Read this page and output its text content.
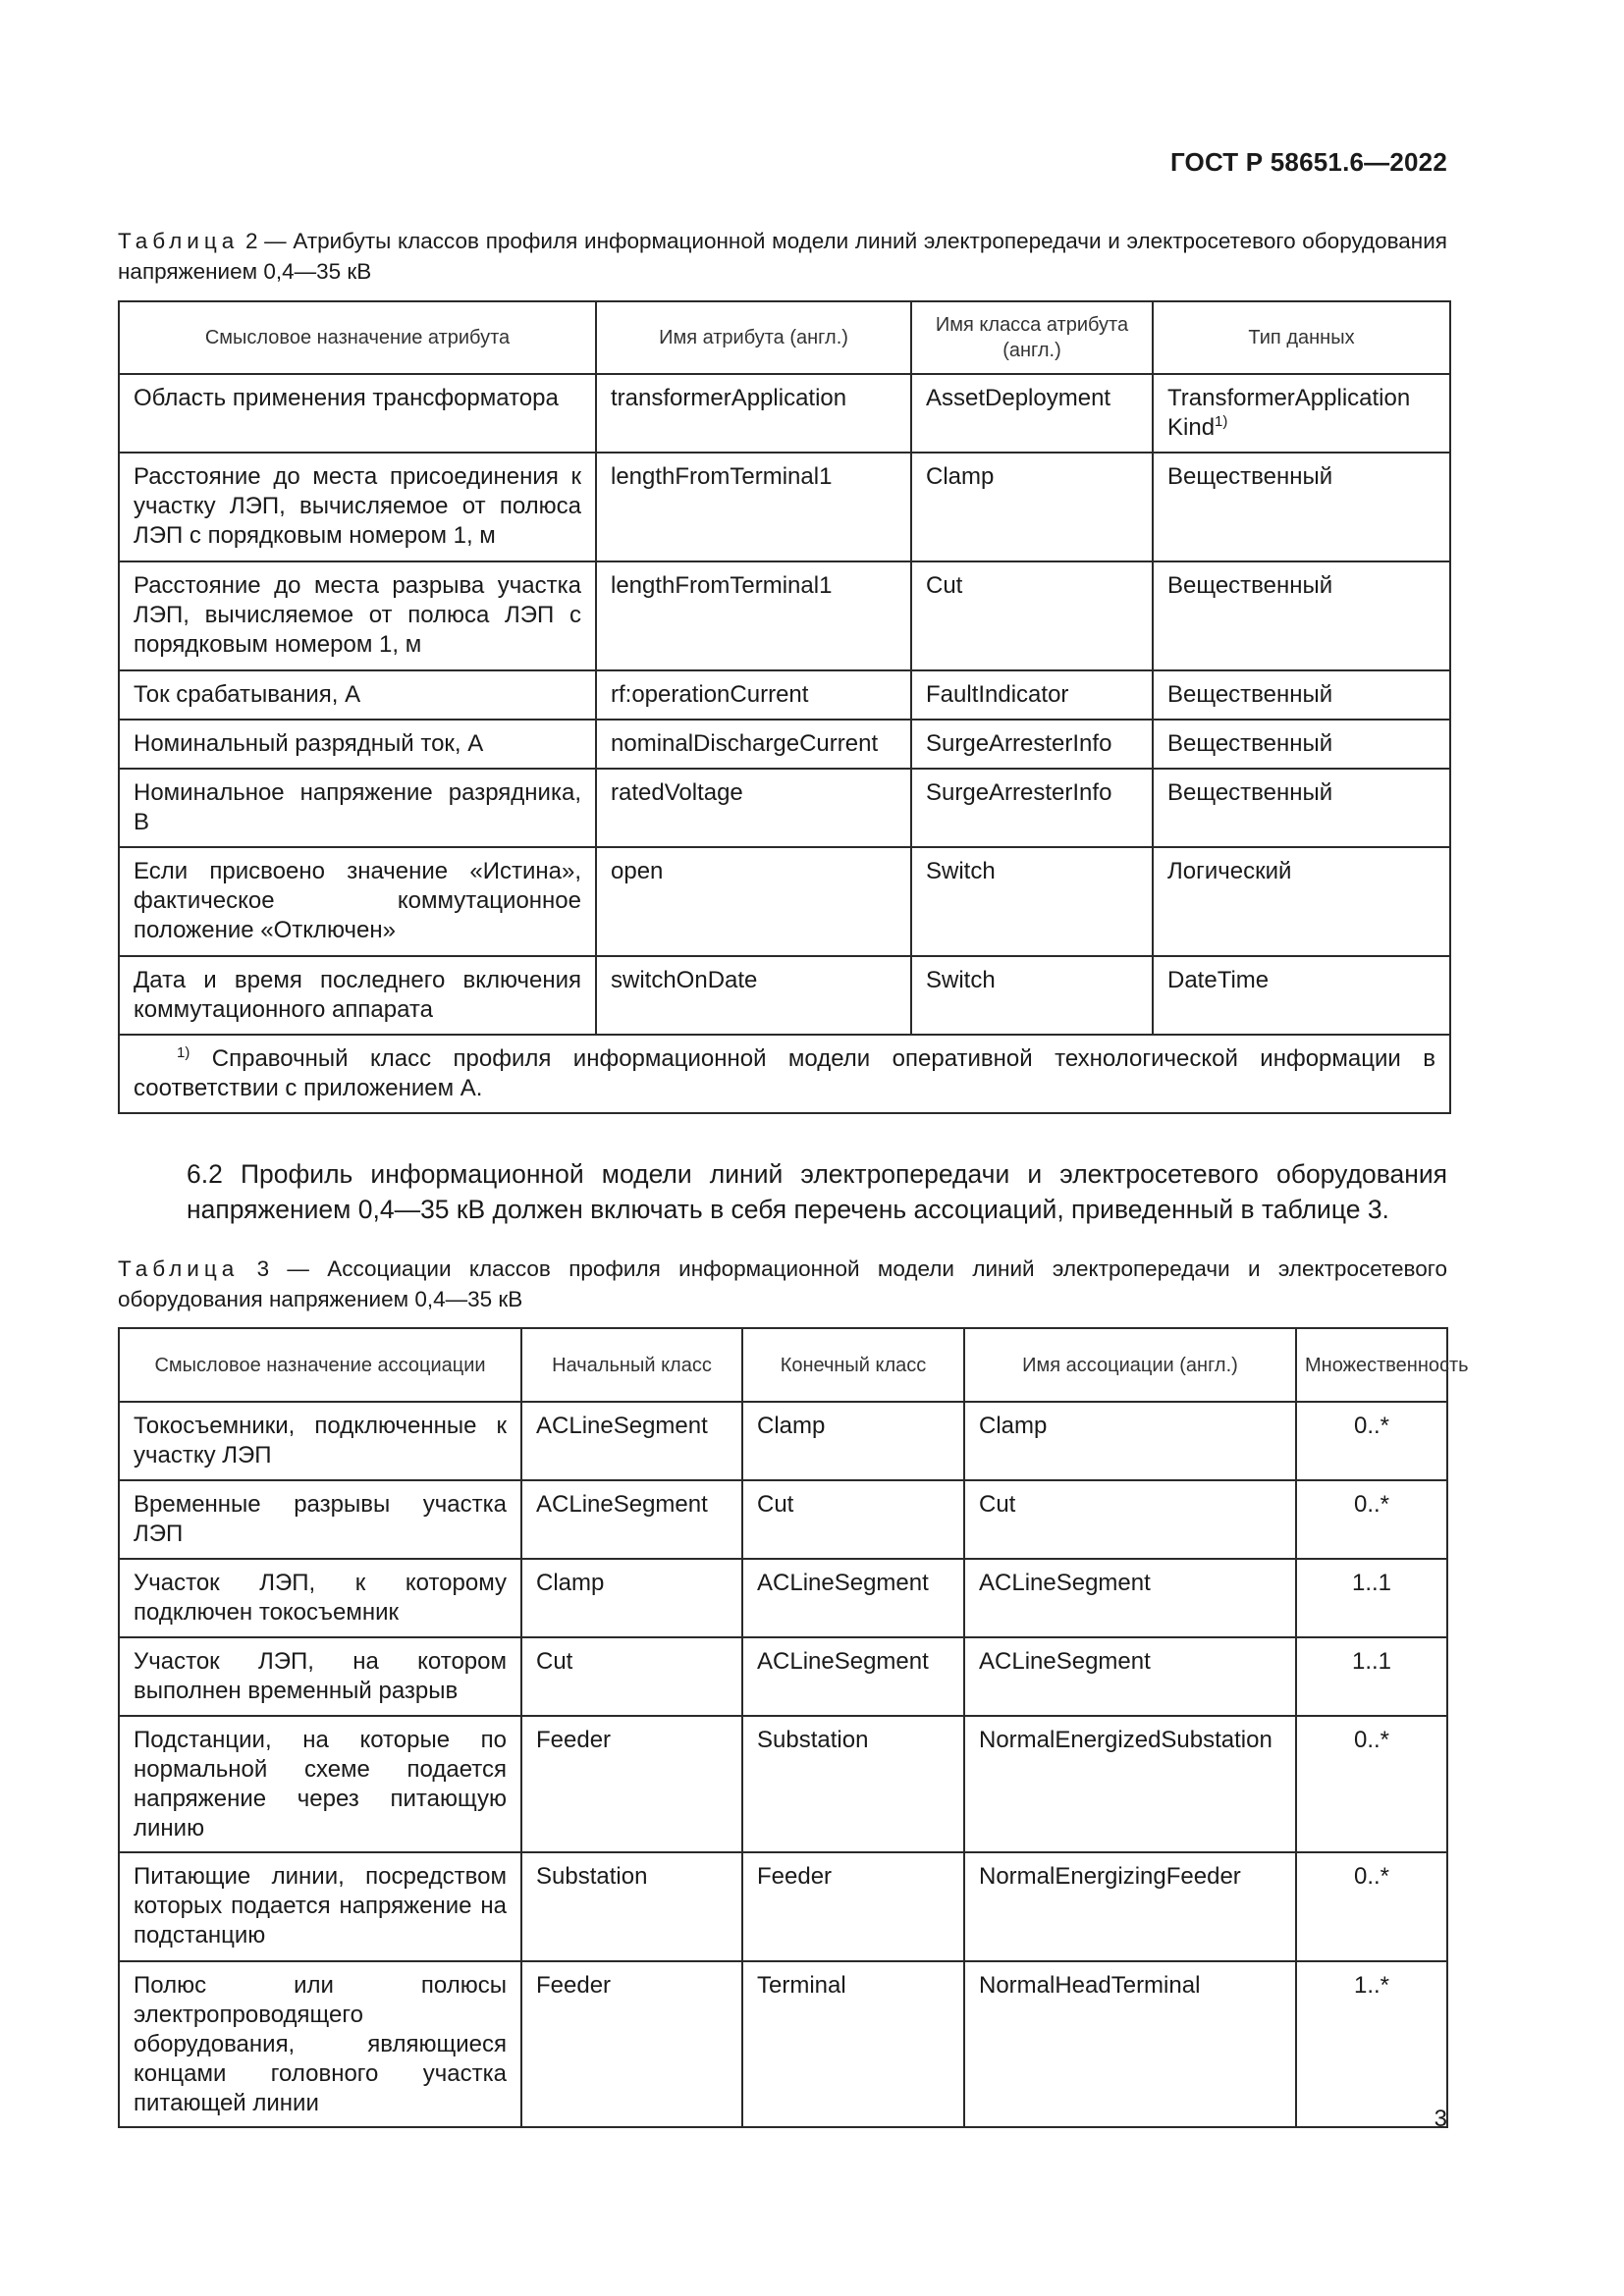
ГОСТ Р 58651.6—2022
Таблица 2 — Атрибуты классов профиля информационной модели линий электропередачи и электросетевого оборудования напряжением 0,4—35 кВ
Смысловое назначение атрибута	Имя атрибута (англ.)	Имя класса атрибута (англ.)	Тип данных
Область применения трансформатора	transformerApplication	AssetDeployment	TransformerApplication Kind$^{1)}$
Расстояние до места присоединения к участку ЛЭП, вычисляемое от полюса ЛЭП с порядковым номером 1, м	lengthFromTerminal1	Clamp	Вещественный
Расстояние до места разрыва участка ЛЭП, вычисляемое от полюса ЛЭП с порядковым номером 1, м	lengthFromTerminal1	Cut	Вещественный
Ток срабатывания, А	rf:operationCurrent	FaultIndicator	Вещественный
Номинальный разрядный ток, А	nominalDischargeCurrent	SurgeArresterInfo	Вещественный
Номинальное напряжение разрядника, В	ratedVoltage	SurgeArresterInfo	Вещественный
Если присвоено значение «Истина», фактическое коммутационное положение «Отключен»	open	Switch	Логический
Дата и время последнего включения коммутационного аппарата	switchOnDate	Switch	DateTime
$^{1)}$ Справочный класс профиля информационной модели оперативной технологической информации в соответствии с приложением А.			
6.2 Профиль информационной модели линий электропередачи и электросетевого оборудования напряжением 0,4—35 кВ должен включать в себя перечень ассоциаций, приведенный в таблице 3.
Таблица 3 — Ассоциации классов профиля информационной модели линий электропередачи и электросетевого оборудования напряжением 0,4—35 кВ
Смысловое назначение ассоциации	Начальный класс	Конечный класс	Имя ассоциации (англ.)	Множественность
Токосъемники, подключенные к участку ЛЭП	ACLineSegment	Clamp	Clamp	0..*
Временные разрывы участка ЛЭП	ACLineSegment	Cut	Cut	0..*
Участок ЛЭП, к которому подключен токосъемник	Clamp	ACLineSegment	ACLineSegment	1..1
Участок ЛЭП, на котором выполнен временный разрыв	Cut	ACLineSegment	ACLineSegment	1..1
Подстанции, на которые по нормальной схеме подается напряжение через питающую линию	Feeder	Substation	NormalEnergizedSubstation	0..*
Питающие линии, посредством которых подается напряжение на подстанцию	Substation	Feeder	NormalEnergizingFeeder	0..*
Полюс или полюсы электропроводящего оборудования, являющиеся концами головного участка питающей линии	Feeder	Terminal	NormalHeadTerminal	1..*
3
